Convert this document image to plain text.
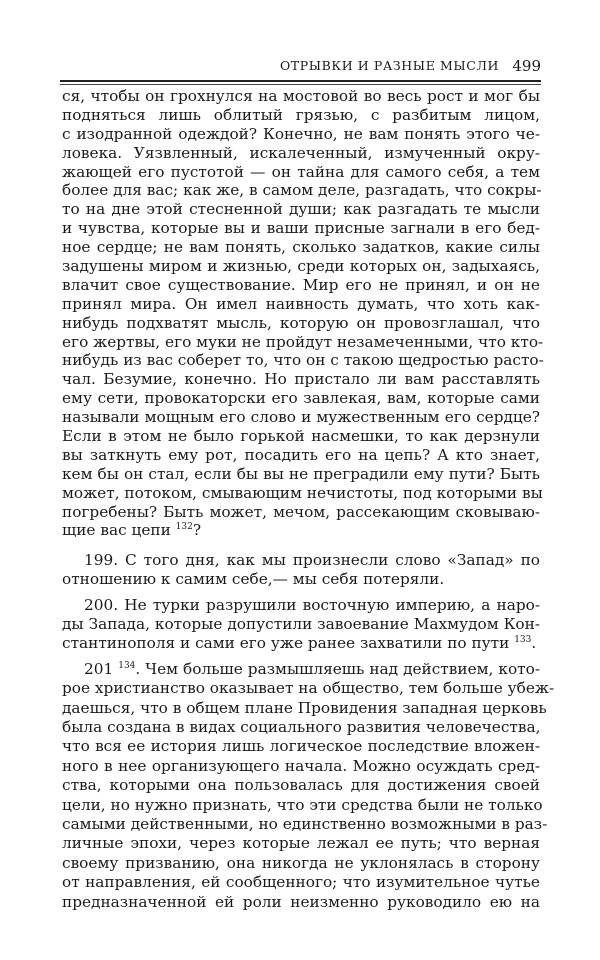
ОТРЫВКИ И РАЗНЫЕ МЫСЛИ 499
ся, чтобы он грохнулся на мостовой во весь рост и мог бы
подняться лишь облитый грязью, с разбитым лицом,
с изодранной одеждой? Конечно, не вам понять этого че-
ловека. Уязвленный, искалеченный, измученный окру-
жающей его пустотой — он тайна для самого себя, а тем
более для вас; как же, в самом деле, разгадать, что сокры-
то на дне этой стесненной души; как разгадать те мысли
и чувства, которые вы и ваши присные загнали в его бед-
ное сердце; не вам понять, сколько задатков, какие силы
задушены миром и жизнью, среди которых он, задыхаясь,
влачит свое существование. Мир его не принял, и он не
принял мира. Он имел наивность думать, что хоть как-
нибудь подхватят мысль, которую он провозглашал, что
его жертвы, его муки не пройдут незамеченными, что кто-
нибудь из вас соберет то, что он с такою щедростью расто-
чал. Безумие, конечно. Но пристало ли вам расставлять
ему сети, провокаторски его завлекая, вам, которые сами
называли мощным его слово и мужественным его сердце?
Если в этом не было горькой насмешки, то как дерзнули
вы заткнуть ему рот, посадить его на цепь? А кто знает,
кем бы он стал, если бы вы не преградили ему пути? Быть
может, потоком, смывающим нечистоты, под которыми вы
погребены? Быть может, мечом, рассекающим сковываю-
щие вас цепи $^{132}$?
199. С того дня, как мы произнесли слово «Запад» по
отношению к самим себе,— мы себя потеряли.
200. Не турки разрушили восточную империю, а наро-
ды Запада, которые допустили завоевание Махмудом Кон-
стантинополя и сами его уже ранее захватили по пути $^{133}$.
201 $^{134}$. Чем больше размышляешь над действием, кото-
рое христианство оказывает на общество, тем больше убеж-
даешься, что в общем плане Провидения западная церковь
была создана в видах социального развития человечества,
что вся ее история лишь логическое последствие вложен-
ного в нее организующего начала. Можно осуждать сред-
ства, которыми она пользовалась для достижения своей
цели, но нужно признать, что эти средства были не только
самыми действенными, но единственно возможными в раз-
личные эпохи, через которые лежал ее путь; что верная
своему призванию, она никогда не уклонялась в сторону
от направления, ей сообщенного; что изумительное чутье
предназначенной ей роли неизменно руководило ею на
